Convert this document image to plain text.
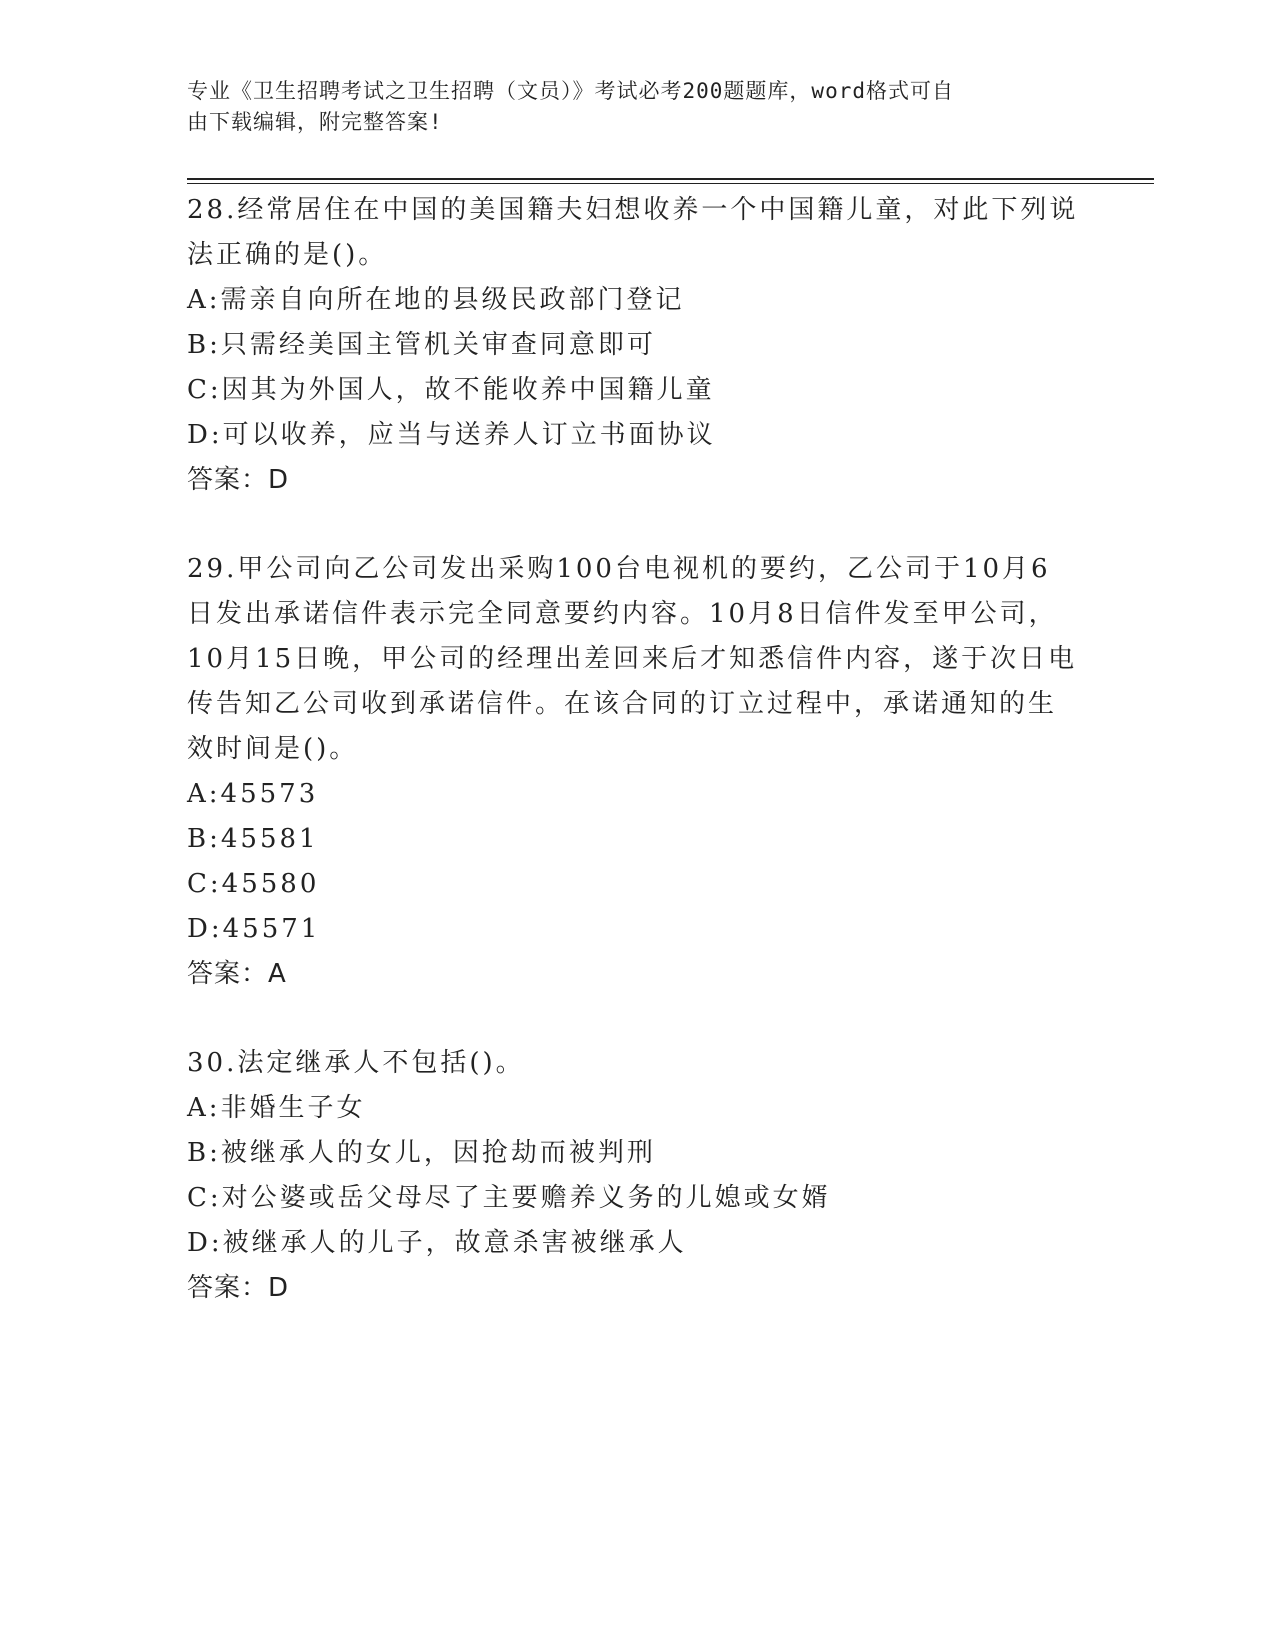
专业《卫生招聘考试之卫生招聘（文员）》考试必考200题题库，word格式可自
由下载编辑，附完整答案!

28.经常居住在中国的美国籍夫妇想收养一个中国籍儿童，对此下列说

法正确的是()。

A:需亲自向所在地的县级民政部门登记

B:只需经美国主管机关审查同意即可

C:因其为外国人，故不能收养中国籍儿童

D:可以收养，应当与送养人订立书面协议

答案：D

29.甲公司向乙公司发出采购100台电视机的要约，乙公司于10月6

日发出承诺信件表示完全同意要约内容。10月8日信件发至甲公司，

10月15日晚，甲公司的经理出差回来后才知悉信件内容，遂于次日电

传告知乙公司收到承诺信件。在该合同的订立过程中，承诺通知的生

效时间是()。

A:45573

B:45581

C:45580

D:45571

答案：A

30.法定继承人不包括()。

A:非婚生子女

B:被继承人的女儿，因抢劫而被判刑

C:对公婆或岳父母尽了主要赡养义务的儿媳或女婿

D:被继承人的儿子，故意杀害被继承人

答案：D
